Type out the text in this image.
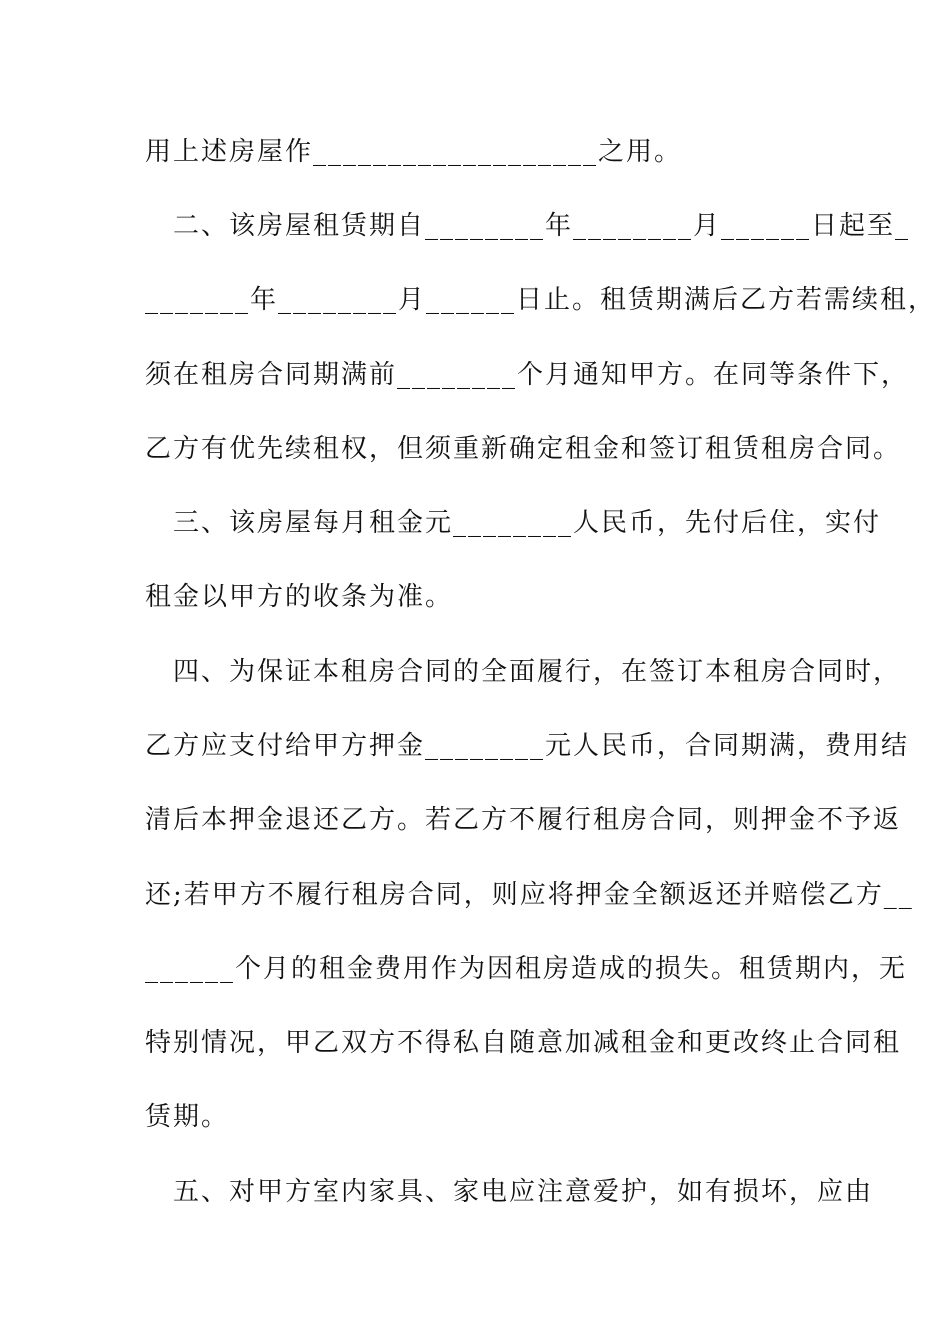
用上述房屋作___________________之用。
　二、该房屋租赁期自________年________月______日起至_
_______年________月______日止。租赁期满后乙方若需续租，
须在租房合同期满前________个月通知甲方。在同等条件下，
乙方有优先续租权，但须重新确定租金和签订租赁租房合同。
　三、该房屋每月租金元________人民币，先付后住，实付
租金以甲方的收条为准。
　四、为保证本租房合同的全面履行，在签订本租房合同时，
乙方应支付给甲方押金________元人民币，合同期满，费用结
清后本押金退还乙方。若乙方不履行租房合同，则押金不予返
还;若甲方不履行租房合同，则应将押金全额返还并赔偿乙方__
______个月的租金费用作为因租房造成的损失。租赁期内，无
特别情况，甲乙双方不得私自随意加减租金和更改终止合同租
赁期。
　五、对甲方室内家具、家电应注意爱护，如有损坏，应由
